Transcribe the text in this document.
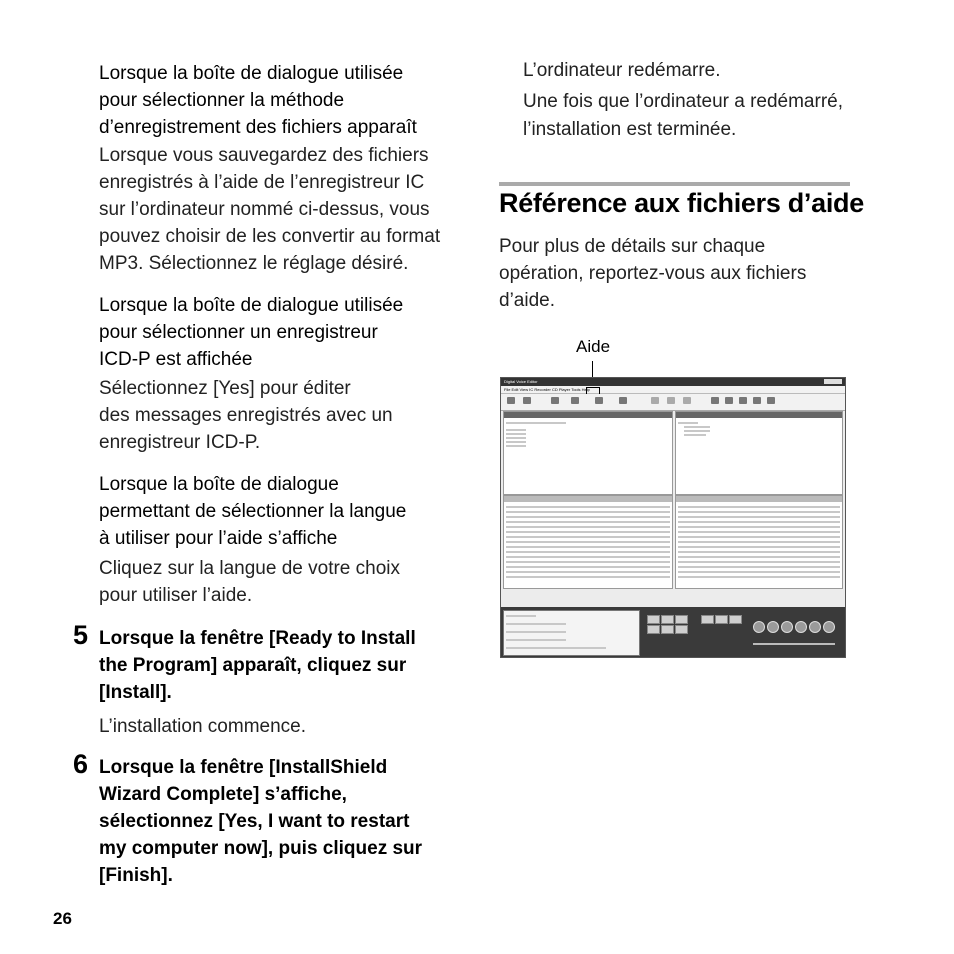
Lorsque la boîte de dialogue utilisée
pour sélectionner la méthode
d’enregistrement des fichiers apparaît
Lorsque vous sauvegardez des fichiers
enregistrés à l’aide de l’enregistreur IC
sur l’ordinateur nommé ci-dessus, vous
pouvez choisir de les convertir au format
MP3. Sélectionnez le réglage désiré.
Lorsque la boîte de dialogue utilisée
pour sélectionner un enregistreur
ICD-P est affichée
Sélectionnez [Yes] pour éditer
des messages enregistrés avec un
enregistreur ICD-P.
Lorsque la boîte de dialogue
permettant de sélectionner la langue
à utiliser pour l’aide s’affiche
Cliquez sur la langue de votre choix
pour utiliser l’aide.
5 Lorsque la fenêtre [Ready to Install
the Program] apparaît, cliquez sur
[Install].
L’installation commence.
6 Lorsque la fenêtre [InstallShield
Wizard Complete] s’affiche,
sélectionnez [Yes, I want to restart
my computer now], puis cliquez sur
[Finish].
26
L’ordinateur redémarre.
Une fois que l’ordinateur a redémarré,
l’installation est terminée.
Référence aux fichiers d’aide
Pour plus de détails sur chaque
opération, reportez-vous aux fichiers
d’aide.
Aide
Digital Voice Editor
File Edit View IC Recorder CD Player Tools Help
